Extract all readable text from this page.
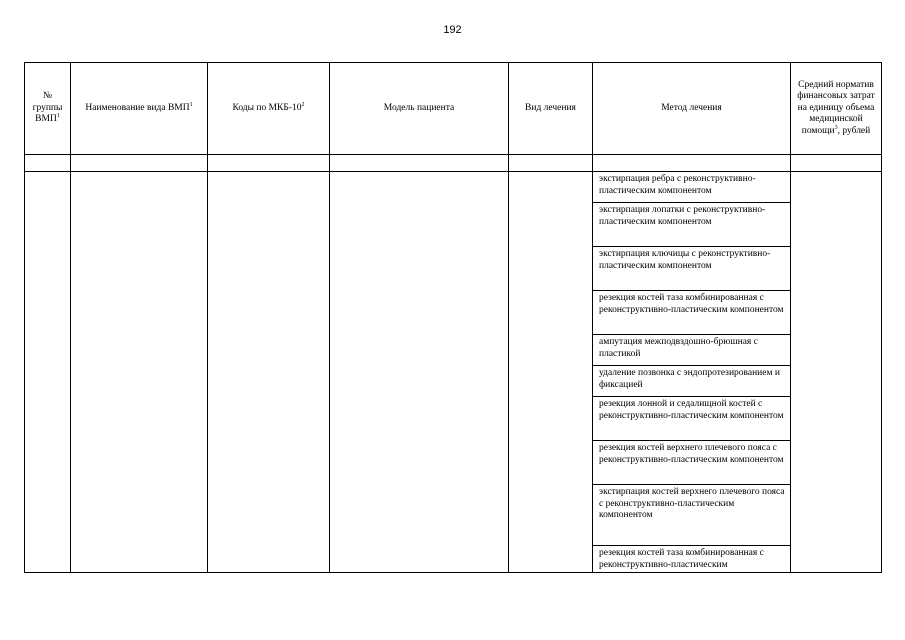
192
№ группы ВМП$^1$	Наименование вида ВМП$^1$	Коды по МКБ-$10^2$	Модель пациента	Вид лечения	Метод лечения	Средний норматив финансовых затрат на единицу объема медицинской помощи$^3$, рублей

					экстирпация ребра с реконструктивно-пластическим компонентом	
					экстирпация лопатки с реконструктивно-пластическим компонентом	
					экстирпация ключицы с реконструктивно-пластическим компонентом	
					резекция костей таза комбинированная с реконструктивно-пластическим компонентом	
					ампутация межподвздошно-брюшная с пластикой	
					удаление позвонка с эндопротезированием и фиксацией	
					резекция лонной и седалищной костей с реконструктивно-пластическим компонентом	
					резекция костей верхнего плечевого пояса с реконструктивно-пластическим компонентом	
					экстирпация костей верхнего плечевого пояса с реконструктивно-пластическим компонентом	
					резекция костей таза комбинированная с реконструктивно-пластическим	
